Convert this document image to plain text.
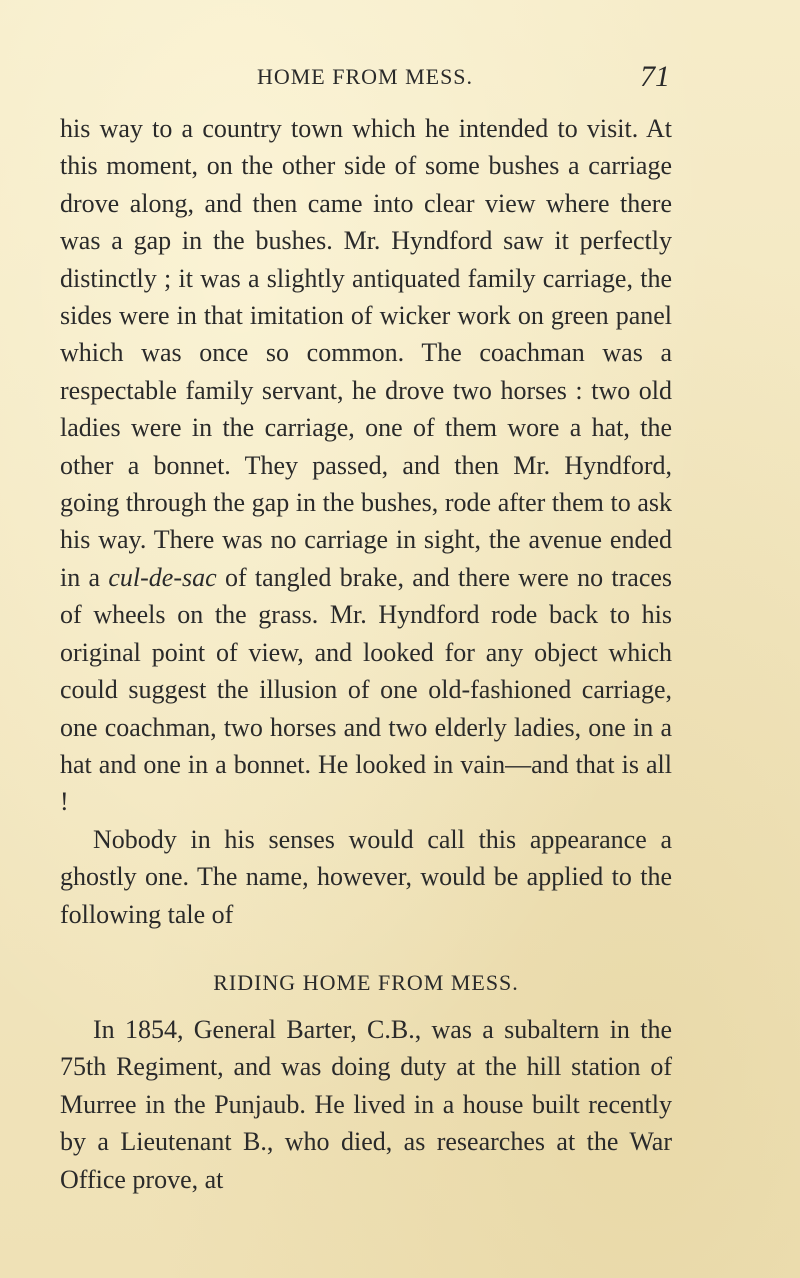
HOME FROM MESS.	71

his way to a country town which he intended to visit. At this moment, on the other side of some bushes a carriage drove along, and then came into clear view where there was a gap in the bushes. Mr. Hyndford saw it perfectly distinctly ; it was a slightly antiquated family carriage, the sides were in that imitation of wicker work on green panel which was once so common. The coachman was a respectable family servant, he drove two horses : two old ladies were in the carriage, one of them wore a hat, the other a bonnet. They passed, and then Mr. Hyndford, going through the gap in the bushes, rode after them to ask his way. There was no carriage in sight, the avenue ended in a cul-de-sac of tangled brake, and there were no traces of wheels on the grass. Mr. Hyndford rode back to his original point of view, and looked for any object which could suggest the illusion of one old-fashioned carriage, one coachman, two horses and two elderly ladies, one in a hat and one in a bonnet. He looked in vain—and that is all !

Nobody in his senses would call this appearance a ghostly one. The name, however, would be applied to the following tale of

RIDING HOME FROM MESS.

In 1854, General Barter, C.B., was a subaltern in the 75th Regiment, and was doing duty at the hill station of Murree in the Punjaub. He lived in a house built recently by a Lieutenant B., who died, as researches at the War Office prove, at
